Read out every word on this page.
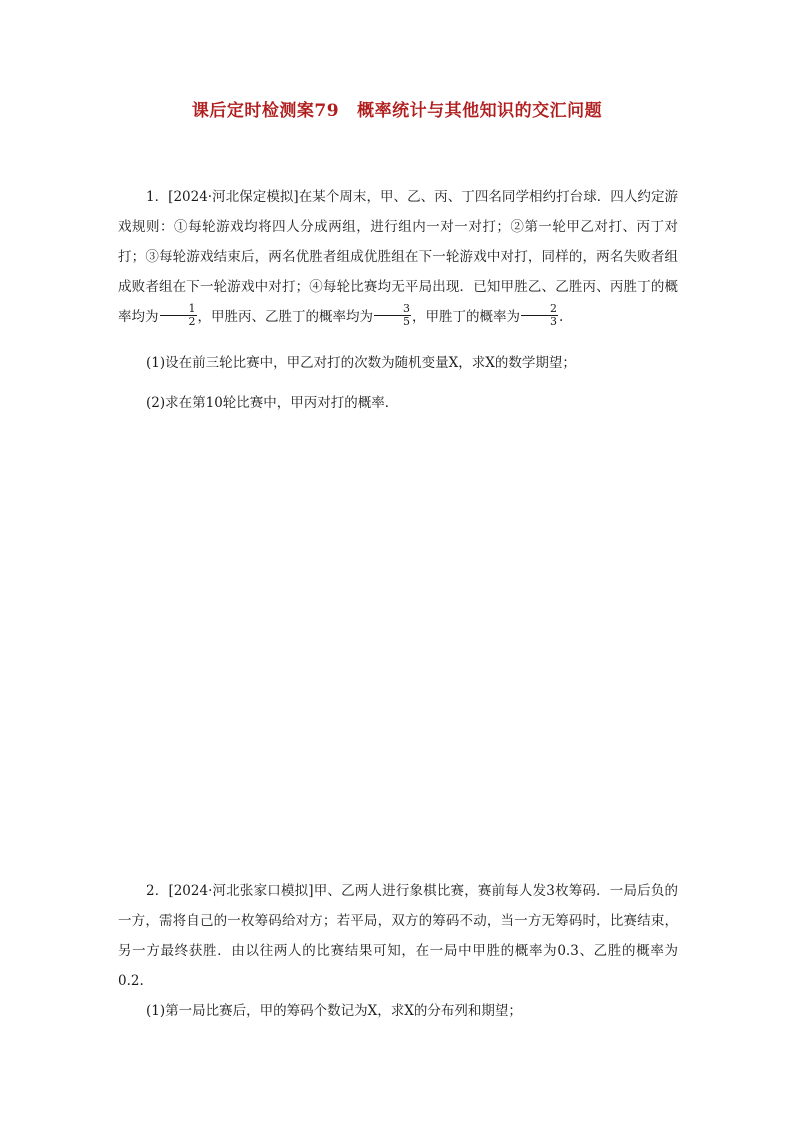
课后定时检测案79 概率统计与其他知识的交汇问题
1．[2024·河北保定模拟]在某个周末，甲、乙、丙、丁四名同学相约打台球．四人约定游戏规则：①每轮游戏均将四人分成两组，进行组内一对一对打；②第一轮甲乙对打、丙丁对打；③每轮游戏结束后，两名优胜者组成优胜组在下一轮游戏中对打，同样的，两名失败者组成败者组在下一轮游戏中对打；④每轮比赛均无平局出现．已知甲胜乙、乙胜丙、丙胜丁的概率均为 $\frac{1}{2}$ ，甲胜丙、乙胜丁的概率均为 $\frac{3}{5}$ ，甲胜丁的概率为 $\frac{2}{3}$ .
(1)设在前三轮比赛中，甲乙对打的次数为随机变量X，求X的数学期望；
(2)求在第10轮比赛中，甲丙对打的概率．
2．[2024·河北张家口模拟]甲、乙两人进行象棋比赛，赛前每人发3枚筹码．一局后负的一方，需将自己的一枚筹码给对方；若平局，双方的筹码不动，当一方无筹码时，比赛结束，另一方最终获胜．由以往两人的比赛结果可知，在一局中甲胜的概率为0.3、乙胜的概率为0.2.
(1)第一局比赛后，甲的筹码个数记为X，求X的分布列和期望；
